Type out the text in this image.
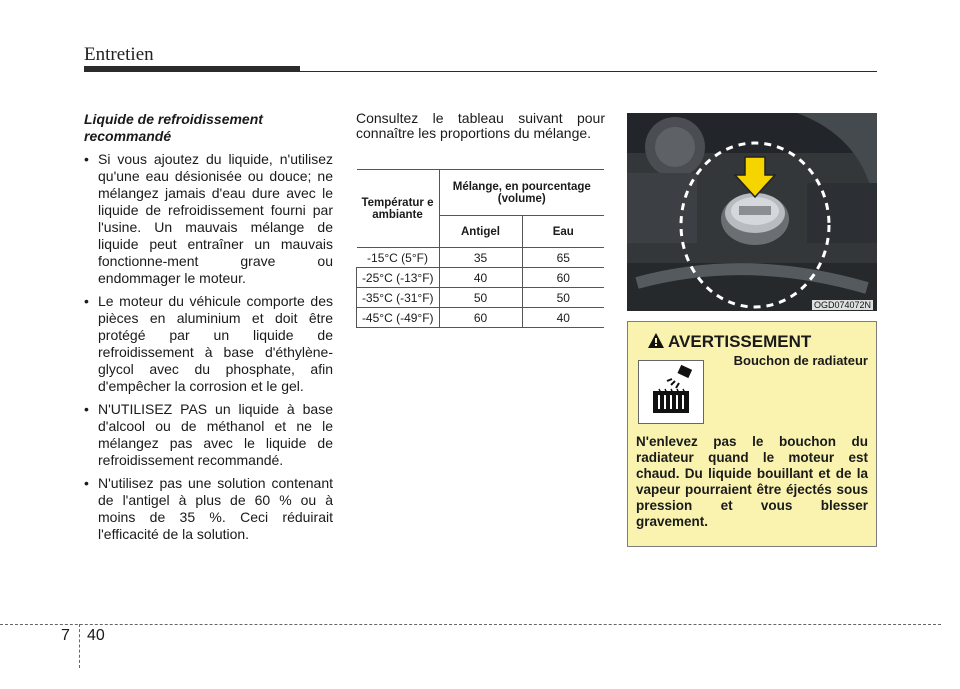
Entretien
Liquide de refroidissement recommandé
• Si vous ajoutez du liquide, n'utilisez qu'une eau désionisée ou douce; ne mélangez jamais d'eau dure avec le liquide de refroidissement fourni par l'usine. Un mauvais mélange de liquide peut entraîner un mauvais fonctionne-ment grave ou endommager le moteur.
• Le moteur du véhicule comporte des pièces en aluminium et doit être protégé par un liquide de refroidissement à base d'éthylène-glycol avec du phosphate, afin d'empêcher la corrosion et le gel.
• N'UTILISEZ PAS un liquide à base d'alcool ou de méthanol et ne le mélangez pas avec le liquide de refroidissement recommandé.
• N'utilisez pas une solution contenant de l'antigel à plus de 60 % ou à moins de 35 %. Ceci réduirait l'efficacité de la solution.
Consultez le tableau suivant pour connaître les proportions du mélange.
Températur e ambiante	Mélange, en pourcentage (volume)	
	Antigel	Eau
-15°C (5°F)	35	65
-25°C (-13°F)	40	60
-35°C (-31°F)	50	50
-45°C (-49°F)	60	40
OGD074072N
AVERTISSEMENT
Bouchon de radiateur
N'enlevez pas le bouchon du radiateur quand le moteur est chaud. Du liquide bouillant et de la vapeur pourraient être éjectés sous pression et vous blesser gravement.
7 40
